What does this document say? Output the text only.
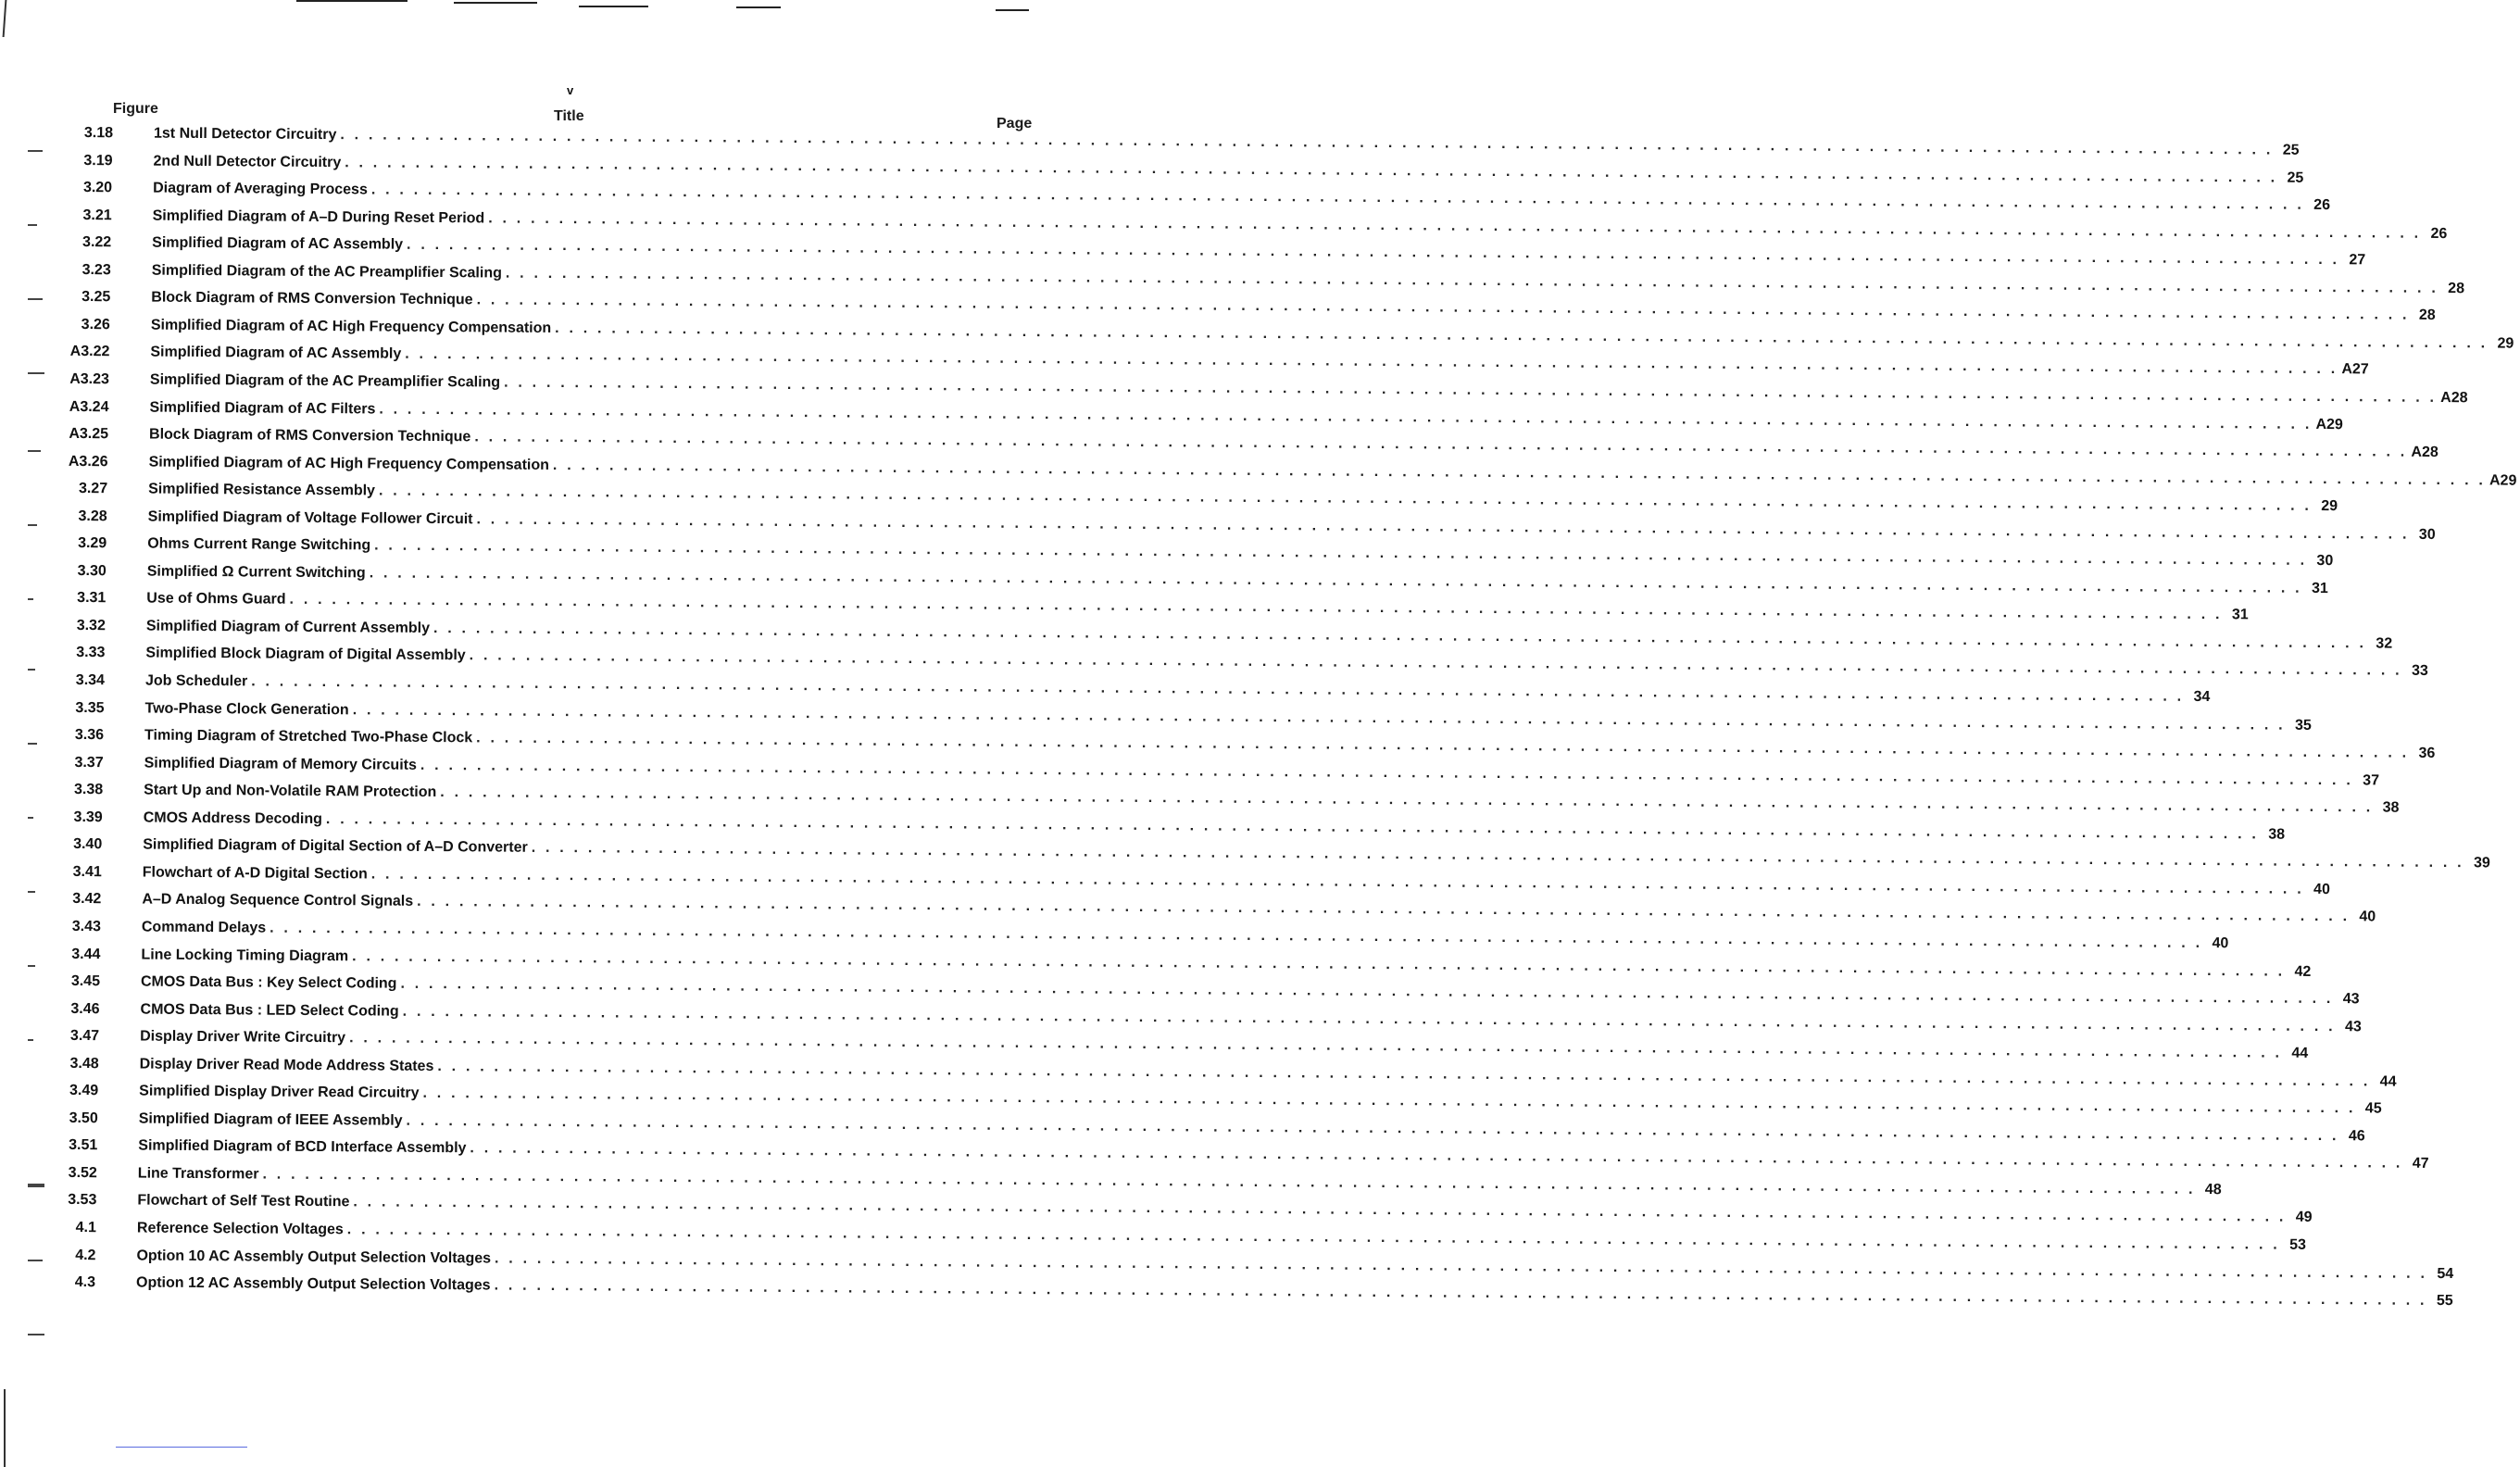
v
Figure	Title	Page
3.18	1st Null Detector Circuitry . . . . . . . . . . . . . . . . . . . . . . . . . . . . . . . . . . . . . . . . . . . . . . . . . . . . . . . . . . . . . . . . . . . . . . . . . . . . . . . . . . . . . . . . . . . . . . . . . . . . . . . . . . . . . . . . . . . . . . . . . . . . . . . . . . . . . . . . . 25
3.19	2nd Null Detector Circuitry . . . . . . . . . . . . . . . . . . . . . . . . . . . . . . . . . . . . . . . . . . . . . . . . . . . . . . . . . . . . . . . . . . . . . . . . . . . . . . . . . . . . . . . . . . . . . . . . . . . . . . . . . . . . . . . . . . . . . . . . . . . . . . . . . . . . . . . . . 25
3.20	Diagram of Averaging Process . . . . . . . . . . . . . . . . . . . . . . . . . . . . . . . . . . . . . . . . . . . . . . . . . . . . . . . . . . . . . . . . . . . . . . . . . . . . . . . . . . . . . . . . . . . . . . . . . . . . . . . . . . . . . . . . . . . . . . . . . . . . . . . . . . . . . . . . . 26
3.21	Simplified Diagram of A–D During Reset Period . . . . . . . . . . . . . . . . . . . . . . . . . . . . . . . . . . . . . . . . . . . . . . . . . . . . . . . . . . . . . . . . . . . . . . . . . . . . . . . . . . . . . . . . . . . . . . . . . . . . . . . . . . . . . . . . . . . . . . . . . . . . . . . . . . . . . . . . . 26
3.22	Simplified Diagram of AC Assembly . . . . . . . . . . . . . . . . . . . . . . . . . . . . . . . . . . . . . . . . . . . . . . . . . . . . . . . . . . . . . . . . . . . . . . . . . . . . . . . . . . . . . . . . . . . . . . . . . . . . . . . . . . . . . . . . . . . . . . . . . . . . . . . . . . . . . . . . . 27
3.23	Simplified Diagram of the AC Preamplifier Scaling . . . . . . . . . . . . . . . . . . . . . . . . . . . . . . . . . . . . . . . . . . . . . . . . . . . . . . . . . . . . . . . . . . . . . . . . . . . . . . . . . . . . . . . . . . . . . . . . . . . . . . . . . . . . . . . . . . . . . . . . . . . . . . . . . . . . . . . . . 28
3.25	Block Diagram of RMS Conversion Technique . . . . . . . . . . . . . . . . . . . . . . . . . . . . . . . . . . . . . . . . . . . . . . . . . . . . . . . . . . . . . . . . . . . . . . . . . . . . . . . . . . . . . . . . . . . . . . . . . . . . . . . . . . . . . . . . . . . . . . . . . . . . . . . . . . . . . . . . . 28
3.26	Simplified Diagram of AC High Frequency Compensation . . . . . . . . . . . . . . . . . . . . . . . . . . . . . . . . . . . . . . . . . . . . . . . . . . . . . . . . . . . . . . . . . . . . . . . . . . . . . . . . . . . . . . . . . . . . . . . . . . . . . . . . . . . . . . . . . . . . . . . . . . . . . . . . . . . . . . . . . 29
A3.22	Simplified Diagram of AC Assembly . . . . . . . . . . . . . . . . . . . . . . . . . . . . . . . . . . . . . . . . . . . . . . . . . . . . . . . . . . . . . . . . . . . . . . . . . . . . . . . . . . . . . . . . . . . . . . . . . . . . . . . . . . . . . . . . . . . . . . . . . . . . . . . . . . . . . . . . . A27
A3.23	Simplified Diagram of the AC Preamplifier Scaling . . . . . . . . . . . . . . . . . . . . . . . . . . . . . . . . . . . . . . . . . . . . . . . . . . . . . . . . . . . . . . . . . . . . . . . . . . . . . . . . . . . . . . . . . . . . . . . . . . . . . . . . . . . . . . . . . . . . . . . . . . . . . . . . . . . . . . . . . A28
A3.24	Simplified Diagram of AC Filters . . . . . . . . . . . . . . . . . . . . . . . . . . . . . . . . . . . . . . . . . . . . . . . . . . . . . . . . . . . . . . . . . . . . . . . . . . . . . . . . . . . . . . . . . . . . . . . . . . . . . . . . . . . . . . . . . . . . . . . . . . . . . . . . . . . . . . . . . A29
A3.25	Block Diagram of RMS Conversion Technique . . . . . . . . . . . . . . . . . . . . . . . . . . . . . . . . . . . . . . . . . . . . . . . . . . . . . . . . . . . . . . . . . . . . . . . . . . . . . . . . . . . . . . . . . . . . . . . . . . . . . . . . . . . . . . . . . . . . . . . . . . . . . . . . . . . . . . . . . A28
A3.26	Simplified Diagram of AC High Frequency Compensation . . . . . . . . . . . . . . . . . . . . . . . . . . . . . . . . . . . . . . . . . . . . . . . . . . . . . . . . . . . . . . . . . . . . . . . . . . . . . . . . . . . . . . . . . . . . . . . . . . . . . . . . . . . . . . . . . . . . . . . . . . . . . . . . . . . . . . . . . A29
3.27	Simplified Resistance Assembly . . . . . . . . . . . . . . . . . . . . . . . . . . . . . . . . . . . . . . . . . . . . . . . . . . . . . . . . . . . . . . . . . . . . . . . . . . . . . . . . . . . . . . . . . . . . . . . . . . . . . . . . . . . . . . . . . . . . . . . . . . . . . . . . . . . . . . . . . 29
3.28	Simplified Diagram of Voltage Follower Circuit . . . . . . . . . . . . . . . . . . . . . . . . . . . . . . . . . . . . . . . . . . . . . . . . . . . . . . . . . . . . . . . . . . . . . . . . . . . . . . . . . . . . . . . . . . . . . . . . . . . . . . . . . . . . . . . . . . . . . . . . . . . . . . . . . . . . . . . . . 30
3.29	Ohms Current Range Switching . . . . . . . . . . . . . . . . . . . . . . . . . . . . . . . . . . . . . . . . . . . . . . . . . . . . . . . . . . . . . . . . . . . . . . . . . . . . . . . . . . . . . . . . . . . . . . . . . . . . . . . . . . . . . . . . . . . . . . . . . . . . . . . . . . . . . . . . . 30
3.30	Simplified Ω Current Switching . . . . . . . . . . . . . . . . . . . . . . . . . . . . . . . . . . . . . . . . . . . . . . . . . . . . . . . . . . . . . . . . . . . . . . . . . . . . . . . . . . . . . . . . . . . . . . . . . . . . . . . . . . . . . . . . . . . . . . . . . . . . . . . . . . . . . . . . . 31
3.31	Use of Ohms Guard . . . . . . . . . . . . . . . . . . . . . . . . . . . . . . . . . . . . . . . . . . . . . . . . . . . . . . . . . . . . . . . . . . . . . . . . . . . . . . . . . . . . . . . . . . . . . . . . . . . . . . . . . . . . . . . . . . . . . . . . . . . . . . . . . . . . . . . . . 31
3.32	Simplified Diagram of Current Assembly . . . . . . . . . . . . . . . . . . . . . . . . . . . . . . . . . . . . . . . . . . . . . . . . . . . . . . . . . . . . . . . . . . . . . . . . . . . . . . . . . . . . . . . . . . . . . . . . . . . . . . . . . . . . . . . . . . . . . . . . . . . . . . . . . . . . . . . . . 32
3.33	Simplified Block Diagram of Digital Assembly . . . . . . . . . . . . . . . . . . . . . . . . . . . . . . . . . . . . . . . . . . . . . . . . . . . . . . . . . . . . . . . . . . . . . . . . . . . . . . . . . . . . . . . . . . . . . . . . . . . . . . . . . . . . . . . . . . . . . . . . . . . . . . . . . . . . . . . . . 33
3.34	Job Scheduler . . . . . . . . . . . . . . . . . . . . . . . . . . . . . . . . . . . . . . . . . . . . . . . . . . . . . . . . . . . . . . . . . . . . . . . . . . . . . . . . . . . . . . . . . . . . . . . . . . . . . . . . . . . . . . . . . . . . . . . . . . . . . . . . . . . . . . . . . 34
3.35	Two-Phase Clock Generation . . . . . . . . . . . . . . . . . . . . . . . . . . . . . . . . . . . . . . . . . . . . . . . . . . . . . . . . . . . . . . . . . . . . . . . . . . . . . . . . . . . . . . . . . . . . . . . . . . . . . . . . . . . . . . . . . . . . . . . . . . . . . . . . . . . . . . . . . 35
3.36	Timing Diagram of Stretched Two-Phase Clock . . . . . . . . . . . . . . . . . . . . . . . . . . . . . . . . . . . . . . . . . . . . . . . . . . . . . . . . . . . . . . . . . . . . . . . . . . . . . . . . . . . . . . . . . . . . . . . . . . . . . . . . . . . . . . . . . . . . . . . . . . . . . . . . . . . . . . . . . 36
3.37	Simplified Diagram of Memory Circuits . . . . . . . . . . . . . . . . . . . . . . . . . . . . . . . . . . . . . . . . . . . . . . . . . . . . . . . . . . . . . . . . . . . . . . . . . . . . . . . . . . . . . . . . . . . . . . . . . . . . . . . . . . . . . . . . . . . . . . . . . . . . . . . . . . . . . . . . . 37
3.38	Start Up and Non-Volatile RAM Protection . . . . . . . . . . . . . . . . . . . . . . . . . . . . . . . . . . . . . . . . . . . . . . . . . . . . . . . . . . . . . . . . . . . . . . . . . . . . . . . . . . . . . . . . . . . . . . . . . . . . . . . . . . . . . . . . . . . . . . . . . . . . . . . . . . . . . . . . . 38
3.39	CMOS Address Decoding . . . . . . . . . . . . . . . . . . . . . . . . . . . . . . . . . . . . . . . . . . . . . . . . . . . . . . . . . . . . . . . . . . . . . . . . . . . . . . . . . . . . . . . . . . . . . . . . . . . . . . . . . . . . . . . . . . . . . . . . . . . . . . . . . . . . . . . . . 38
3.40	Simplified Diagram of Digital Section of A–D Converter . . . . . . . . . . . . . . . . . . . . . . . . . . . . . . . . . . . . . . . . . . . . . . . . . . . . . . . . . . . . . . . . . . . . . . . . . . . . . . . . . . . . . . . . . . . . . . . . . . . . . . . . . . . . . . . . . . . . . . . . . . . . . . . . . . . . . . . . . 39
3.41	Flowchart of A-D Digital Section . . . . . . . . . . . . . . . . . . . . . . . . . . . . . . . . . . . . . . . . . . . . . . . . . . . . . . . . . . . . . . . . . . . . . . . . . . . . . . . . . . . . . . . . . . . . . . . . . . . . . . . . . . . . . . . . . . . . . . . . . . . . . . . . . . . . . . . . . 40
3.42	A–D Analog Sequence Control Signals . . . . . . . . . . . . . . . . . . . . . . . . . . . . . . . . . . . . . . . . . . . . . . . . . . . . . . . . . . . . . . . . . . . . . . . . . . . . . . . . . . . . . . . . . . . . . . . . . . . . . . . . . . . . . . . . . . . . . . . . . . . . . . . . . . . . . . . . . 40
3.43	Command Delays . . . . . . . . . . . . . . . . . . . . . . . . . . . . . . . . . . . . . . . . . . . . . . . . . . . . . . . . . . . . . . . . . . . . . . . . . . . . . . . . . . . . . . . . . . . . . . . . . . . . . . . . . . . . . . . . . . . . . . . . . . . . . . . . . . . . . . . . . 40
3.44	Line Locking Timing Diagram . . . . . . . . . . . . . . . . . . . . . . . . . . . . . . . . . . . . . . . . . . . . . . . . . . . . . . . . . . . . . . . . . . . . . . . . . . . . . . . . . . . . . . . . . . . . . . . . . . . . . . . . . . . . . . . . . . . . . . . . . . . . . . . . . . . . . . . . . 42
3.45	CMOS Data Bus : Key Select Coding . . . . . . . . . . . . . . . . . . . . . . . . . . . . . . . . . . . . . . . . . . . . . . . . . . . . . . . . . . . . . . . . . . . . . . . . . . . . . . . . . . . . . . . . . . . . . . . . . . . . . . . . . . . . . . . . . . . . . . . . . . . . . . . . . . . . . . . . . 43
3.46	CMOS Data Bus : LED Select Coding . . . . . . . . . . . . . . . . . . . . . . . . . . . . . . . . . . . . . . . . . . . . . . . . . . . . . . . . . . . . . . . . . . . . . . . . . . . . . . . . . . . . . . . . . . . . . . . . . . . . . . . . . . . . . . . . . . . . . . . . . . . . . . . . . . . . . . . . . 43
3.47	Display Driver Write Circuitry . . . . . . . . . . . . . . . . . . . . . . . . . . . . . . . . . . . . . . . . . . . . . . . . . . . . . . . . . . . . . . . . . . . . . . . . . . . . . . . . . . . . . . . . . . . . . . . . . . . . . . . . . . . . . . . . . . . . . . . . . . . . . . . . . . . . . . . . . 44
3.48	Display Driver Read Mode Address States . . . . . . . . . . . . . . . . . . . . . . . . . . . . . . . . . . . . . . . . . . . . . . . . . . . . . . . . . . . . . . . . . . . . . . . . . . . . . . . . . . . . . . . . . . . . . . . . . . . . . . . . . . . . . . . . . . . . . . . . . . . . . . . . . . . . . . . . . 44
3.49	Simplified Display Driver Read Circuitry . . . . . . . . . . . . . . . . . . . . . . . . . . . . . . . . . . . . . . . . . . . . . . . . . . . . . . . . . . . . . . . . . . . . . . . . . . . . . . . . . . . . . . . . . . . . . . . . . . . . . . . . . . . . . . . . . . . . . . . . . . . . . . . . . . . . . . . . . 45
3.50	Simplified Diagram of IEEE Assembly . . . . . . . . . . . . . . . . . . . . . . . . . . . . . . . . . . . . . . . . . . . . . . . . . . . . . . . . . . . . . . . . . . . . . . . . . . . . . . . . . . . . . . . . . . . . . . . . . . . . . . . . . . . . . . . . . . . . . . . . . . . . . . . . . . . . . . . . . 46
3.51	Simplified Diagram of BCD Interface Assembly . . . . . . . . . . . . . . . . . . . . . . . . . . . . . . . . . . . . . . . . . . . . . . . . . . . . . . . . . . . . . . . . . . . . . . . . . . . . . . . . . . . . . . . . . . . . . . . . . . . . . . . . . . . . . . . . . . . . . . . . . . . . . . . . . . . . . . . . . 47
3.52	Line Transformer . . . . . . . . . . . . . . . . . . . . . . . . . . . . . . . . . . . . . . . . . . . . . . . . . . . . . . . . . . . . . . . . . . . . . . . . . . . . . . . . . . . . . . . . . . . . . . . . . . . . . . . . . . . . . . . . . . . . . . . . . . . . . . . . . . . . . . . . . 48
3.53	Flowchart of Self Test Routine . . . . . . . . . . . . . . . . . . . . . . . . . . . . . . . . . . . . . . . . . . . . . . . . . . . . . . . . . . . . . . . . . . . . . . . . . . . . . . . . . . . . . . . . . . . . . . . . . . . . . . . . . . . . . . . . . . . . . . . . . . . . . . . . . . . . . . . . . 49
4.1	Reference Selection Voltages . . . . . . . . . . . . . . . . . . . . . . . . . . . . . . . . . . . . . . . . . . . . . . . . . . . . . . . . . . . . . . . . . . . . . . . . . . . . . . . . . . . . . . . . . . . . . . . . . . . . . . . . . . . . . . . . . . . . . . . . . . . . . . . . . . . . . . . . . 53
4.2	Option 10 AC Assembly Output Selection Voltages . . . . . . . . . . . . . . . . . . . . . . . . . . . . . . . . . . . . . . . . . . . . . . . . . . . . . . . . . . . . . . . . . . . . . . . . . . . . . . . . . . . . . . . . . . . . . . . . . . . . . . . . . . . . . . . . . . . . . . . . . . . . . . . . . . . . . . . . . 54
4.3	Option 12 AC Assembly Output Selection Voltages . . . . . . . . . . . . . . . . . . . . . . . . . . . . . . . . . . . . . . . . . . . . . . . . . . . . . . . . . . . . . . . . . . . . . . . . . . . . . . . . . . . . . . . . . . . . . . . . . . . . . . . . . . . . . . . . . . . . . . . . . . . . . . . . . . . . . . . . . 55
